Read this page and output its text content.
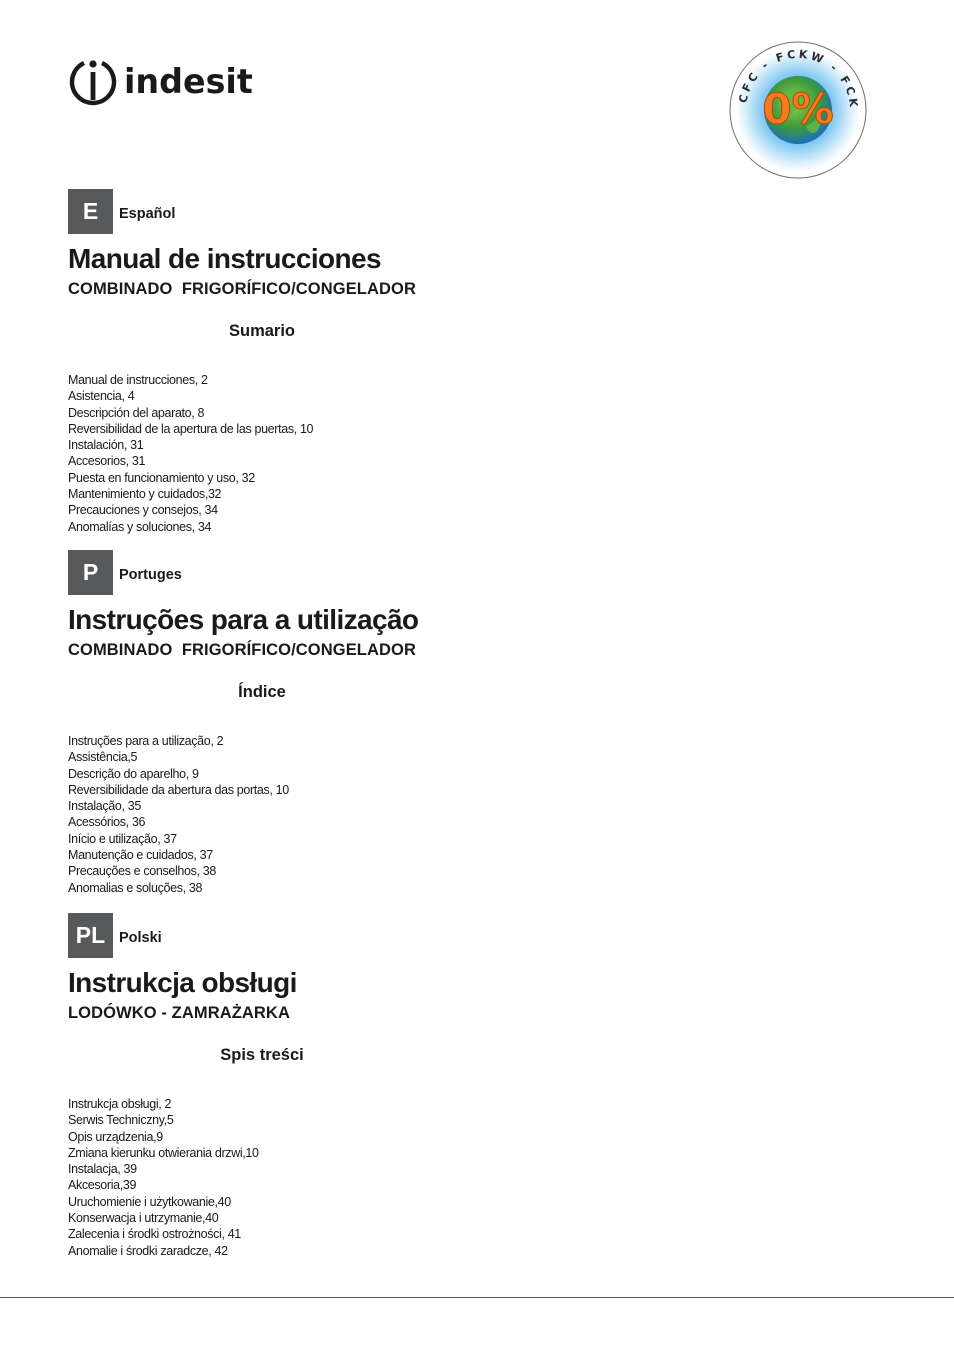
indesit
0%
CFC - FCKW - FCK
E	Español
Manual de instrucciones
COMBINADO  FRIGORÍFICO/CONGELADOR
Sumario
Manual de instrucciones, 2
Asistencia, 4
Descripción del aparato, 8
Reversibilidad de la apertura de las puertas, 10
Instalación, 31
Accesorios, 31
Puesta en funcionamiento y uso, 32
Mantenimiento y cuidados,32
Precauciones y consejos, 34
Anomalías y soluciones, 34
P	Portuges
Instruções para a utilização
COMBINADO  FRIGORÍFICO/CONGELADOR
Índice
Instruções para a utilização, 2
Assistência,5
Descrição do aparelho, 9
Reversibilidade da abertura das portas, 10
Instalação, 35
Acessórios, 36
Início e utilização, 37
Manutenção e cuidados, 37
Precauções e conselhos, 38
Anomalias e soluções, 38
PL Polski
Instrukcja obsługi
LODÓWKO - ZAMRAŻARKA
Spis treści
Instrukcja obsługi, 2
Serwis Techniczny,5
Opis urządzenia,9
Zmiana kierunku otwierania drzwi,10
Instalacja, 39
Akcesoria,39
Uruchomienie i użytkowanie,40
Konserwacja i utrzymanie,40
Zalecenia i środki ostrożności, 41
Anomalie i środki zaradcze, 42
